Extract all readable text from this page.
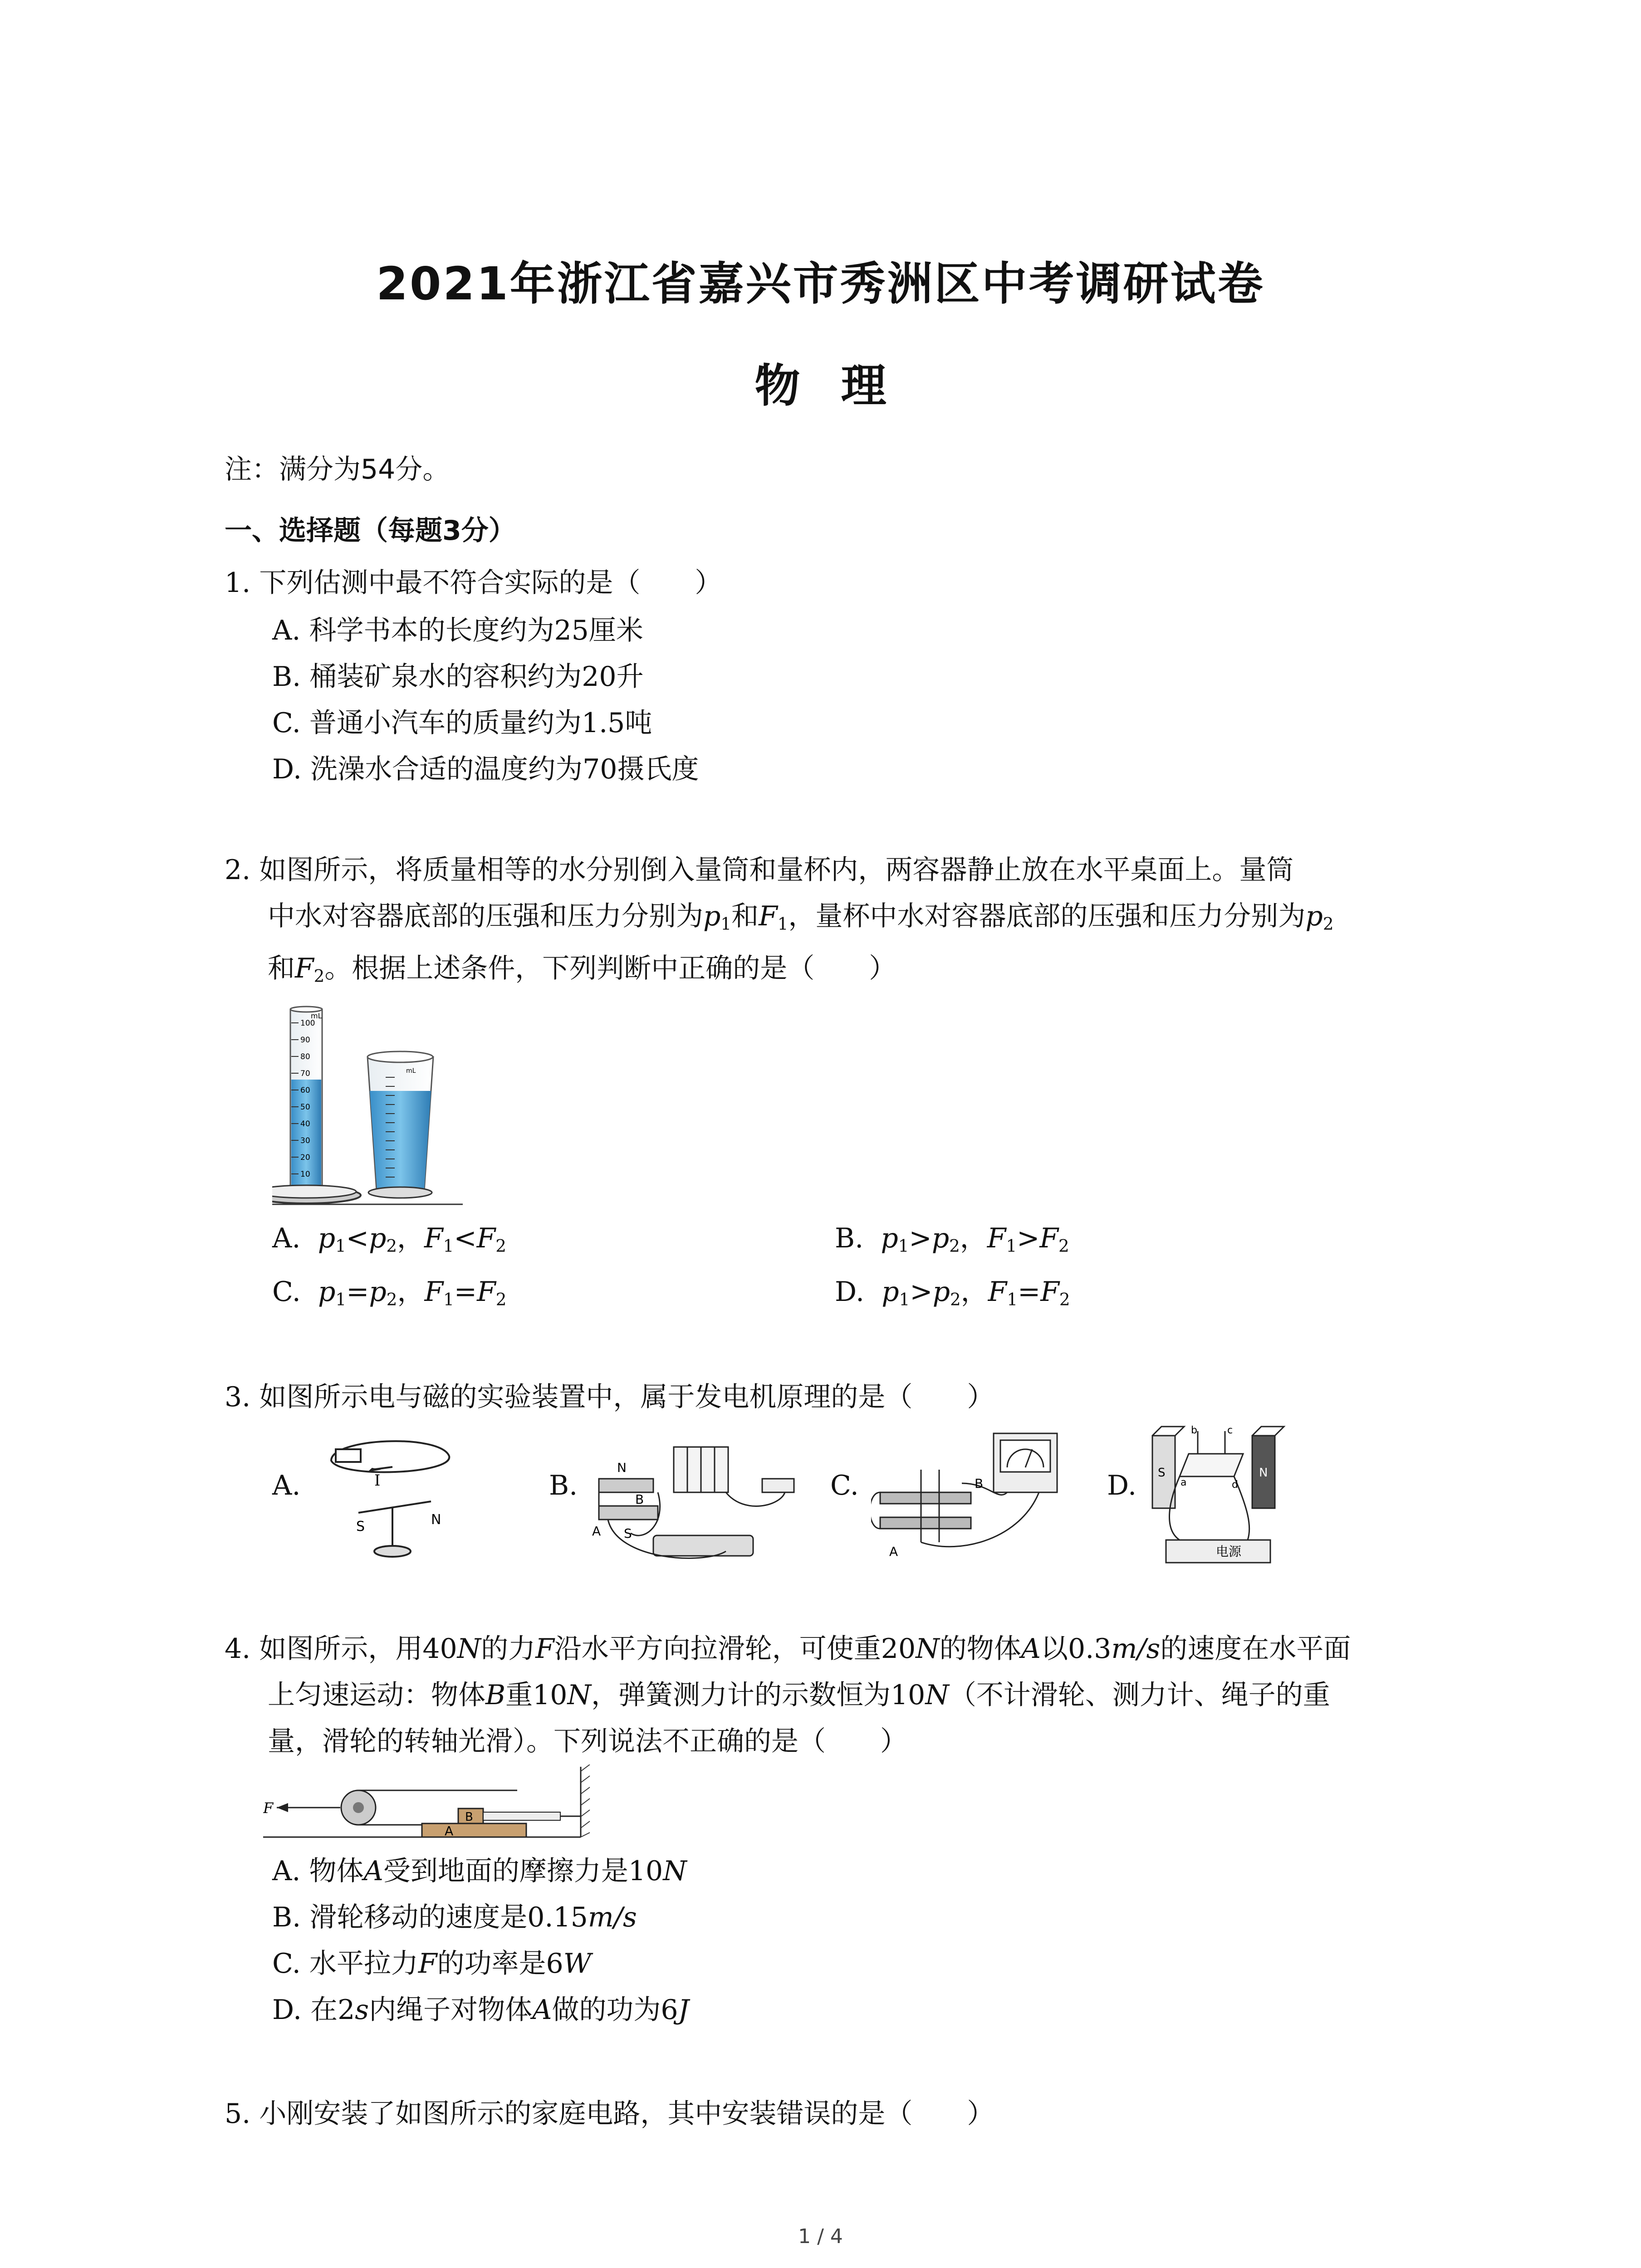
2021年浙江省嘉兴市秀洲区中考调研试卷
物理
注：满分为54分。
一、选择题（每题3分）
1. 下列估测中最不符合实际的是（　　）
A. 科学书本的长度约为25厘米
B. 桶装矿泉水的容积约为20升
C. 普通小汽车的质量约为1.5吨
D. 洗澡水合适的温度约为70摄氏度
2. 如图所示，将质量相等的水分别倒入量筒和量杯内，两容器静止放在水平桌面上。量筒
中水对容器底部的压强和压力分别为$p_1$和$F_1$，量杯中水对容器底部的压强和压力分别为$p_2$
和$F_2$。根据上述条件，下列判断中正确的是（　　）
100
90
80
70
60
50
40
30
20
10
mL
mL
A. $p_1<p_2$，$F_1<F_2$	B. $p_1>p_2$，$F_1>F_2$
C. $p_1=p_2$，$F_1=F_2$	D. $p_1>p_2$，$F_1=F_2$
3. 如图所示电与磁的实验装置中，属于发电机原理的是（　　）
A.	I
S	N
B.
N
B
A S
C.	B
A
D. S	N
b	c
d
a
电源
4. 如图所示，用40N的力F沿水平方向拉滑轮，可使重20N的物体A以0.3m/s的速度在水平面
上匀速运动：物体B重10N，弹簧测力计的示数恒为10N（不计滑轮、测力计、绳子的重
量，滑轮的转轴光滑）。下列说法不正确的是（　　）
F
A
B
A. 物体A受到地面的摩擦力是10N
B. 滑轮移动的速度是0.15m/s
C. 水平拉力F的功率是6W
D. 在2s内绳子对物体A做的功为6J
5. 小刚安装了如图所示的家庭电路，其中安装错误的是（　　）
1 / 4
